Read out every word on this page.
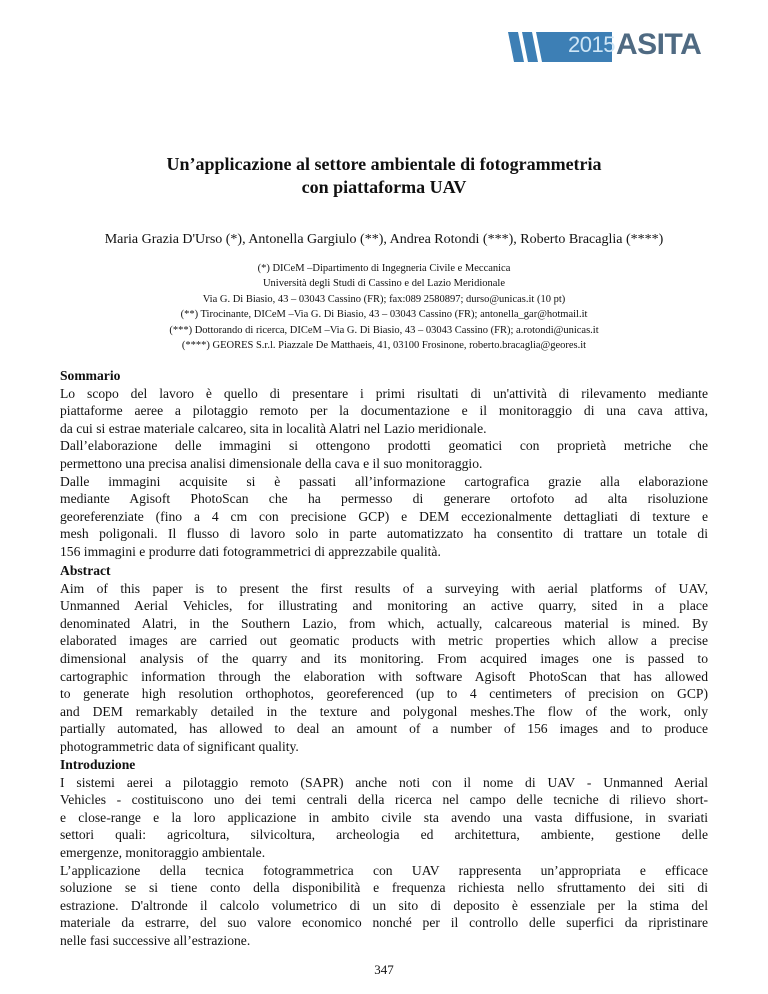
2015 ASITA
Un’applicazione al settore ambientale di fotogrammetria
con piattaforma UAV
Maria Grazia D'Urso (*), Antonella Gargiulo (**), Andrea Rotondi (***), Roberto Bracaglia (****)
(*) DICeM –Dipartimento di Ingegneria Civile e Meccanica
Università degli Studi di Cassino e del Lazio Meridionale
Via G. Di Biasio, 43 – 03043 Cassino (FR); fax:089 2580897; durso@unicas.it (10 pt)
(**) Tirocinante, DICeM –Via G. Di Biasio, 43 – 03043 Cassino (FR); antonella_gar@hotmail.it
(***) Dottorando di ricerca, DICeM –Via G. Di Biasio, 43 – 03043 Cassino (FR); a.rotondi@unicas.it
(****) GEORES S.r.l. Piazzale De Matthaeis, 41, 03100 Frosinone, roberto.bracaglia@geores.it
Sommario

Lo scopo del lavoro è quello di presentare i primi risultati di un'attività di rilevamento mediante
piattaforme aeree a pilotaggio remoto per la documentazione e il monitoraggio di una cava attiva,
da cui si estrae materiale calcareo, sita in località Alatri nel Lazio meridionale.
Dall’elaborazione delle immagini si ottengono prodotti geomatici con proprietà metriche che
permettono una precisa analisi dimensionale della cava e il suo monitoraggio.
Dalle immagini acquisite si è passati all’informazione cartografica grazie alla elaborazione
mediante Agisoft PhotoScan che ha permesso di generare ortofoto ad alta risoluzione
georeferenziate (fino a 4 cm con precisione GCP) e DEM eccezionalmente dettagliati di texture e
mesh poligonali. Il flusso di lavoro solo in parte automatizzato ha consentito di trattare un totale di
156 immagini e produrre dati fotogrammetrici di apprezzabile qualità.

Abstract

Aim of this paper is to present the first results of a surveying with aerial platforms of UAV,
Unmanned Aerial Vehicles, for illustrating and monitoring an active quarry, sited in a place
denominated Alatri, in the Southern Lazio, from which, actually, calcareous material is mined. By
elaborated images are carried out geomatic products with metric properties which allow a precise
dimensional analysis of the quarry and its monitoring. From acquired images one is passed to
cartographic information through the elaboration with software Agisoft PhotoScan that has allowed
to generate high resolution orthophotos, georeferenced (up to 4 centimeters of precision on GCP)
and DEM remarkably detailed in the texture and polygonal meshes.The flow of the work, only
partially automated, has allowed to deal an amount of a number of 156 images and to produce
photogrammetric data of significant quality.

Introduzione

I sistemi aerei a pilotaggio remoto (SAPR) anche noti con il nome di UAV - Unmanned Aerial
Vehicles - costituiscono uno dei temi centrali della ricerca nel campo delle tecniche di rilievo short-
e close-range e la loro applicazione in ambito civile sta avendo una vasta diffusione, in svariati
settori quali: agricoltura, silvicoltura, archeologia ed architettura, ambiente, gestione delle
emergenze, monitoraggio ambientale.
L’applicazione della tecnica fotogrammetrica con UAV rappresenta un’appropriata e efficace
soluzione se si tiene conto della disponibilità e frequenza richiesta nello sfruttamento dei siti di
estrazione. D'altronde il calcolo volumetrico di un sito di deposito è essenziale per la stima del
materiale da estrarre, del suo valore economico nonché per il controllo delle superfici da ripristinare
nelle fasi successive all’estrazione.

347
